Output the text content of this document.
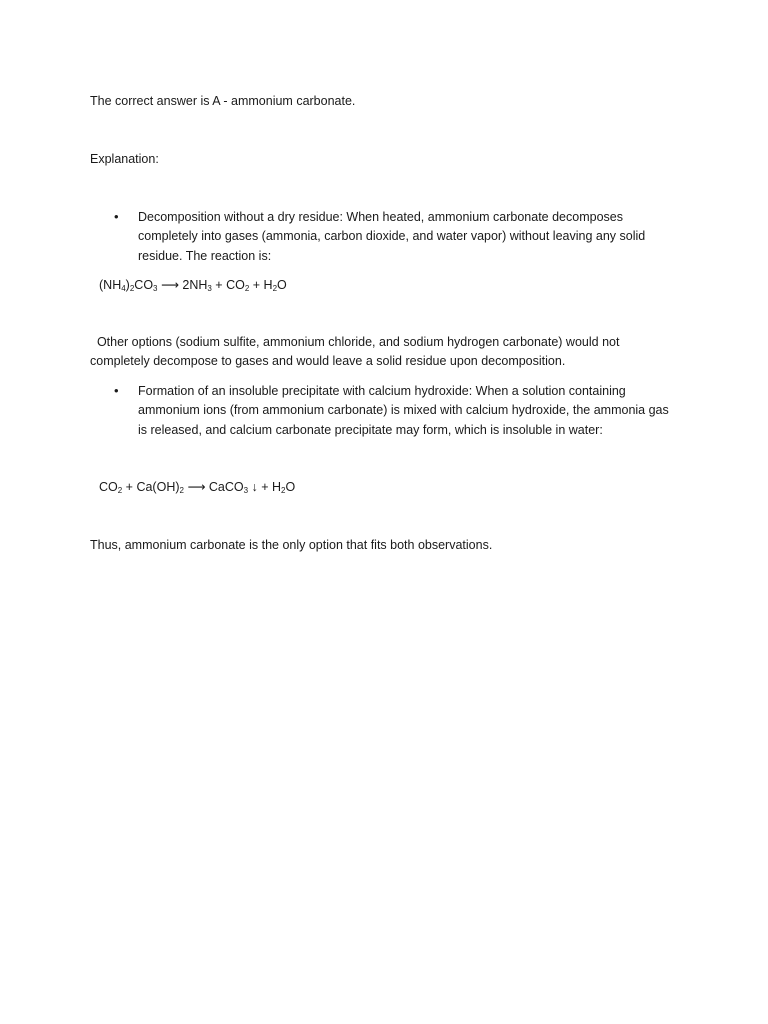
The correct answer is A - ammonium carbonate.
Explanation:
• Decomposition without a dry residue: When heated, ammonium carbonate decomposes completely into gases (ammonia, carbon dioxide, and water vapor) without leaving any solid residue. The reaction is:
$(NH_4)_2CO_3$ ⟶ $2NH_3 + CO_2 + H_2O$
Other options (sodium sulfite, ammonium chloride, and sodium hydrogen carbonate) would not completely decompose to gases and would leave a solid residue upon decomposition.
• Formation of an insoluble precipitate with calcium hydroxide: When a solution containing ammonium ions (from ammonium carbonate) is mixed with calcium hydroxide, the ammonia gas is released, and calcium carbonate precipitate may form, which is insoluble in water:
$CO_2 + Ca(OH)_2$ ⟶ CaCO$_3$ ↓ + $H_2O$
Thus, ammonium carbonate is the only option that fits both observations.
